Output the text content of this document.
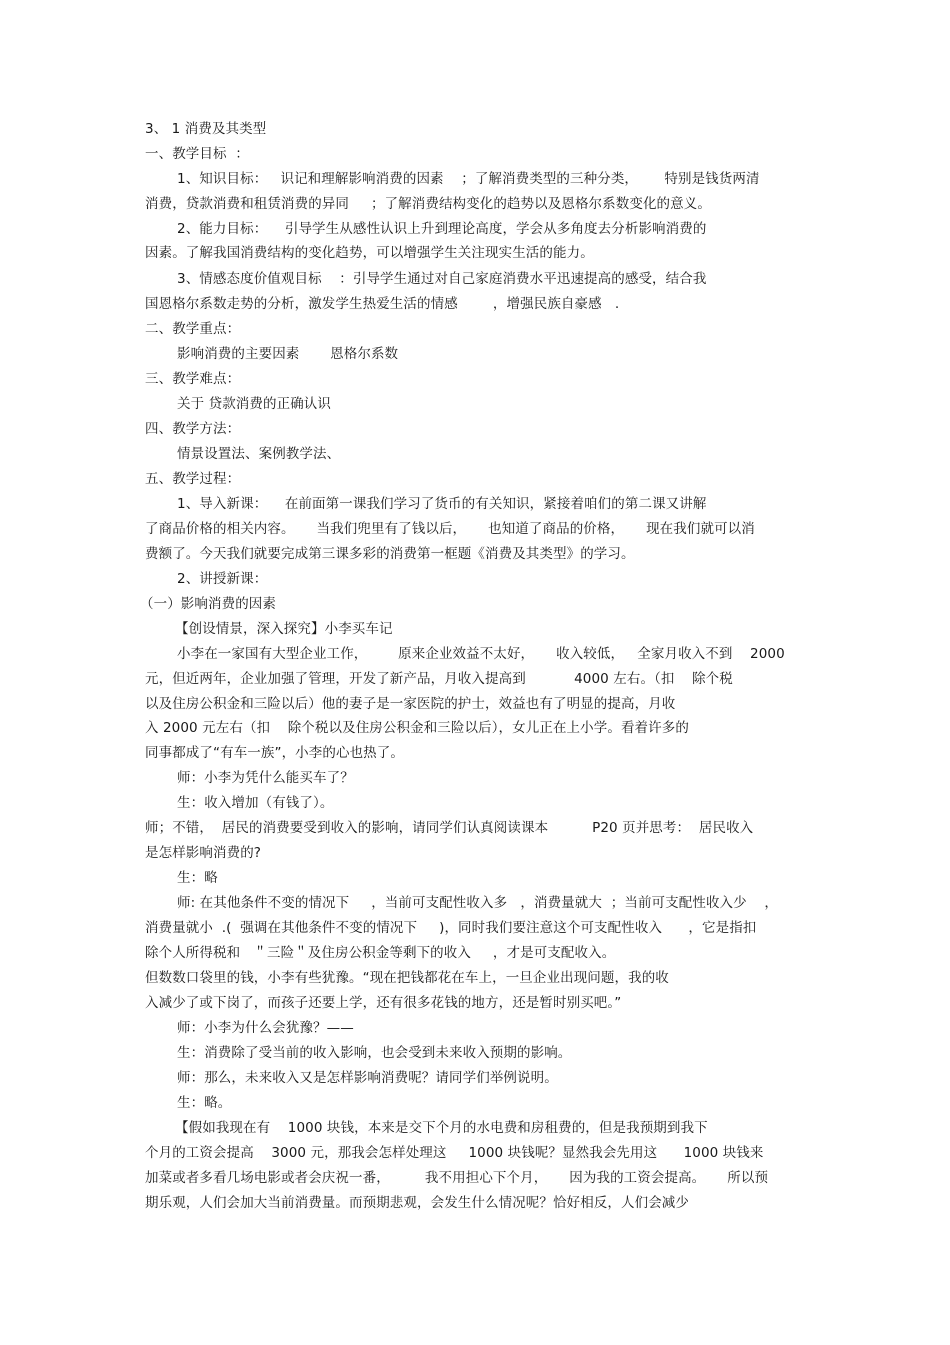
3、 1 消费及其类型
一、教学目标  ：
1、知识目标：   识记和理解影响消费的因素    ；了解消费类型的三种分类，      特别是钱货两清
消费，贷款消费和租赁消费的异同     ；了解消费结构变化的趋势以及恩格尔系数变化的意义。
2、能力目标：    引导学生从感性认识上升到理论高度，学会从多角度去分析影响消费的
因素。了解我国消费结构的变化趋势，可以增强学生关注现实生活的能力。
3、情感态度价值观目标    ：引导学生通过对自己家庭消费水平迅速提高的感受，结合我
国恩格尔系数走势的分析，激发学生热爱生活的情感        ，增强民族自豪感   .
二、教学重点：
影响消费的主要因素       恩格尔系数
三、教学难点：
关于 贷款消费的正确认识
四、教学方法：
情景设置法、案例教学法、
五、教学过程：
1、导入新课：    在前面第一课我们学习了货币的有关知识，紧接着咱们的第二课又讲解
了商品价格的相关内容。     当我们兜里有了钱以后，     也知道了商品的价格，     现在我们就可以消
费额了。今天我们就要完成第三课多彩的消费第一框题《消费及其类型》的学习。
2、讲授新课：
（一）影响消费的因素
【创设情景，深入探究】小李买车记
小李在一家国有大型企业工作，       原来企业效益不太好，     收入较低，   全家月收入不到    2000
元，但近两年，企业加强了管理，开发了新产品，月收入提高到           4000 左右。（扣    除个税
以及住房公积金和三险以后）他的妻子是一家医院的护士，效益也有了明显的提高，月收
入 2000 元左右（扣    除个税以及住房公积金和三险以后），女儿正在上小学。看着许多的
同事都成了“有车一族”，小李的心也热了。
师：小李为凭什么能买车了？
生：收入增加（有钱了）。
师；不错，  居民的消费要受到收入的影响，请同学们认真阅读课本          P20 页并思考：  居民收入
是怎样影响消费的?
生：略
师: 在其他条件不变的情况下     ，当前可支配性收入多   ，消费量就大  ；当前可支配性收入少    ，
消费量就小  .(  强调在其他条件不变的情况下     )，同时我们要注意这个可支配性收入      ，它是指扣
除个人所得税和   ＂三险＂及住房公积金等剩下的收入     ，才是可支配收入。
但数数口袋里的钱，小李有些犹豫。“现在把钱都花在车上，一旦企业出现问题，我的收
入减少了或下岗了，而孩子还要上学，还有很多花钱的地方，还是暂时别买吧。”
师：小李为什么会犹豫？——
生：消费除了受当前的收入影响，也会受到未来收入预期的影响。
师：那么，未来收入又是怎样影响消费呢？请同学们举例说明。
生：略。
【假如我现在有    1000 块钱，本来是交下个月的水电费和房租费的，但是我预期到我下
个月的工资会提高    3000 元，那我会怎样处理这     1000 块钱呢？显然我会先用这      1000 块钱来
加菜或者多看几场电影或者会庆祝一番，        我不用担心下个月，     因为我的工资会提高。     所以预
期乐观，人们会加大当前消费量。而预期悲观，会发生什么情况呢？恰好相反，人们会减少
